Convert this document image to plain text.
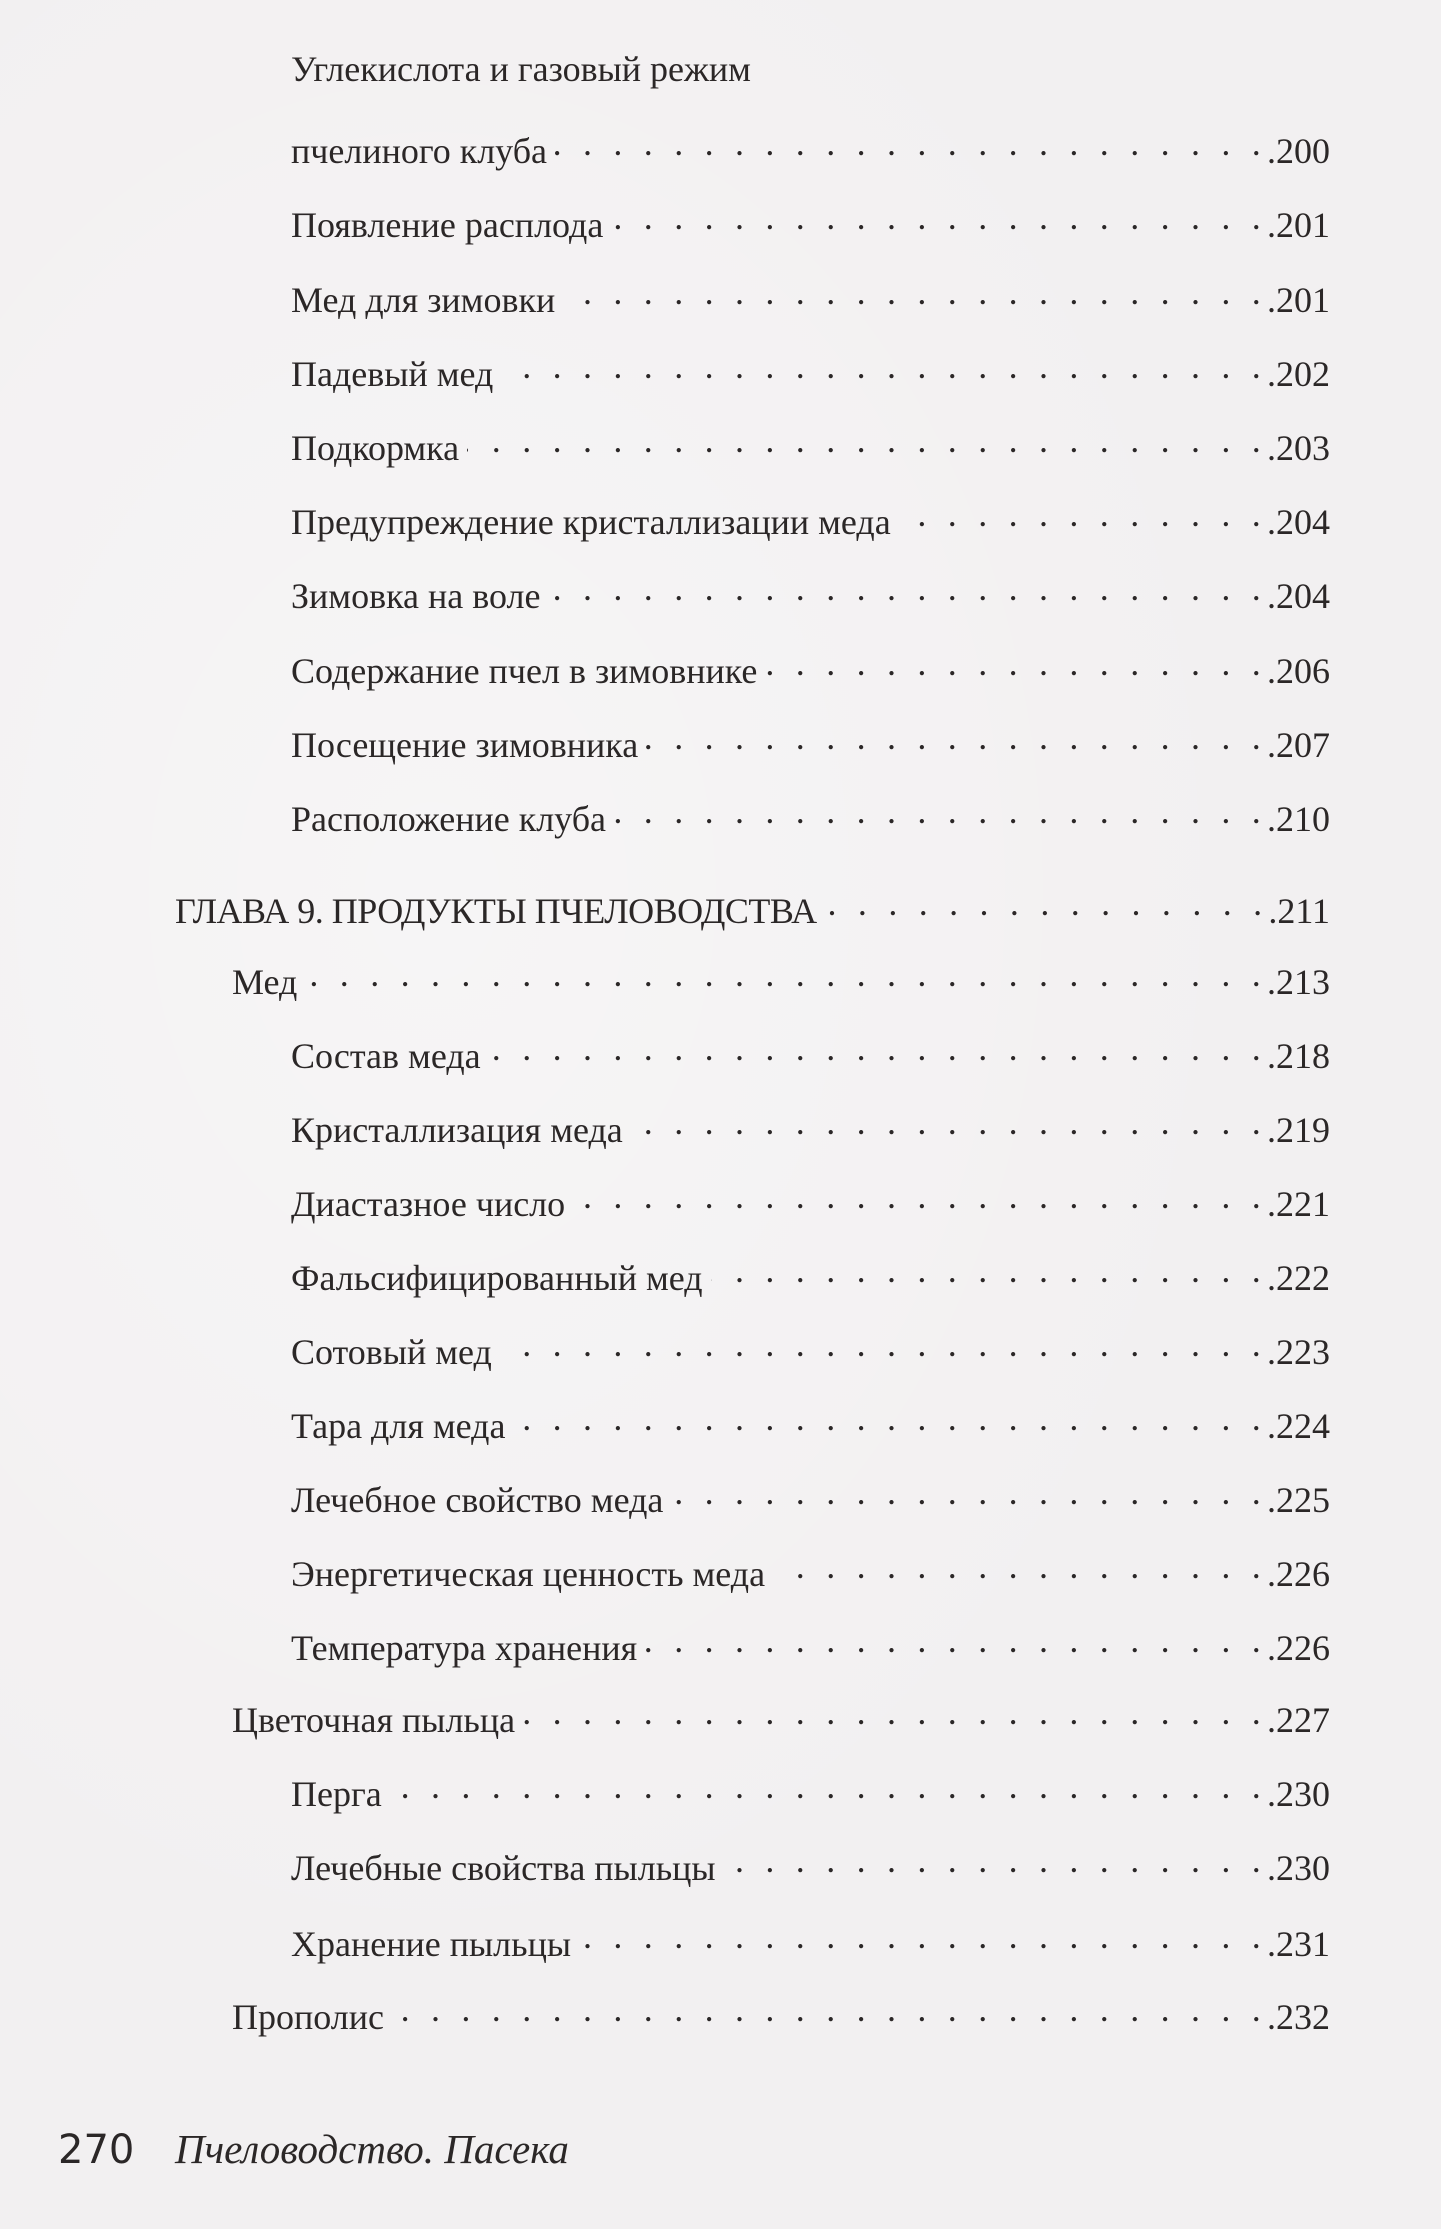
Углекислота и газовый режим
пчелиного клуба . . .	. 200
Появление расплода . . .	. 201
Мед для зимовки . . .	. 201
Падевый мед . . .	. 202
Подкормка . . .	. 203
Предупреждение кристаллизации меда . . .	. 204
Зимовка на воле . . .	. 204
Содержание пчел в зимовнике . . .	. 206
Посещение зимовника . . .	. 207
Расположение клуба . . .	. 210
ГЛАВА 9. ПРОДУКТЫ ПЧЕЛОВОДСТВА . . .	. 211
Мед . . .	. 213
Состав меда . . .	. 218
Кристаллизация меда . . .	. 219
Диастазное число . . .	. 221
Фальсифицированный мед . . .	. 222
Сотовый мед . . .	. 223
Тара для меда . . .	. 224
Лечебное свойство меда . . .	. 225
Энергетическая ценность меда . . .	. 226
Температура хранения . . .	. 226
Цветочная пыльца . . .	. 227
Перга . . .	. 230
Лечебные свойства пыльцы . . .	. 230
Хранение пыльцы . . .	. 231
Прополис . . .	. 232
270 Пчеловодство. Пасека
